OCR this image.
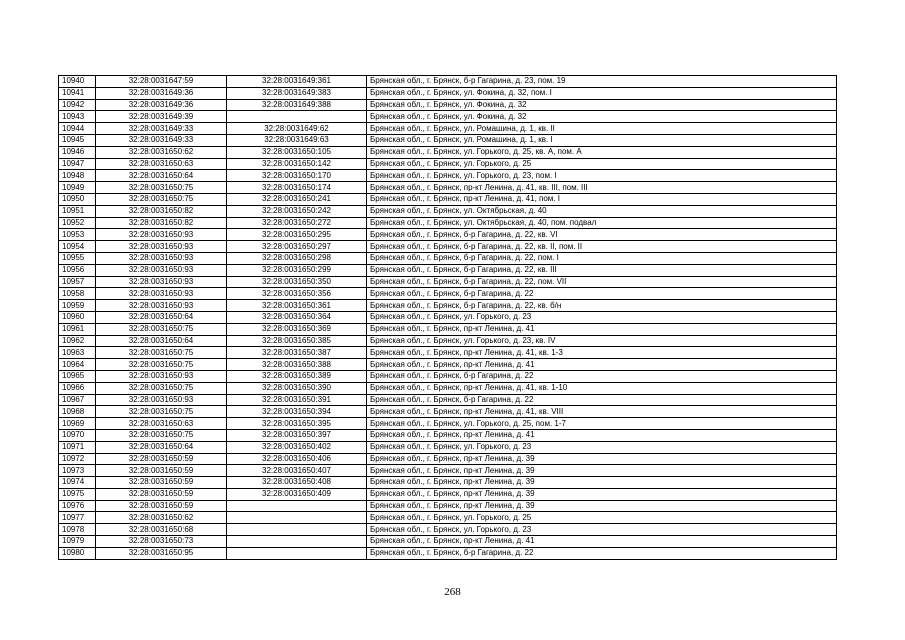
10940	32:28:0031647:59	32:28:0031649:361	Брянская обл., г. Брянск, б-р Гагарина, д. 23, пом. 19
10941	32:28:0031649:36	32:28:0031649:383	Брянская обл., г. Брянск, ул. Фокина, д. 32, пом. I
10942	32:28:0031649:36	32:28:0031649:388	Брянская обл., г. Брянск, ул. Фокина, д. 32
10943	32:28:0031649:39		Брянская обл., г. Брянск, ул. Фокина, д. 32
10944	32:28:0031649:33	32:28:0031649:62	Брянская обл., г. Брянск, ул. Ромашина, д. 1, кв. II
10945	32:28:0031649:33	32:28:0031649:63	Брянская обл., г. Брянск, ул. Ромашина, д. 1, кв. I
10946	32:28:0031650:62	32:28:0031650:105	Брянская обл., г. Брянск, ул. Горького, д. 25, кв. А, пом. А
10947	32:28:0031650:63	32:28:0031650:142	Брянская обл., г. Брянск, ул. Горького, д. 25
10948	32:28:0031650:64	32:28:0031650:170	Брянская обл., г. Брянск, ул. Горького, д. 23, пом. I
10949	32:28:0031650:75	32:28:0031650:174	Брянская обл., г. Брянск, пр-кт Ленина, д. 41, кв. III, пом. III
10950	32:28:0031650:75	32:28:0031650:241	Брянская обл., г. Брянск, пр-кт Ленина, д. 41, пом. I
10951	32:28:0031650:82	32:28:0031650:242	Брянская обл., г. Брянск, ул. Октябрьская, д. 40
10952	32:28:0031650:82	32:28:0031650:272	Брянская обл., г. Брянск, ул. Октябрьская, д. 40, пом. подвал
10953	32:28:0031650:93	32:28:0031650:295	Брянская обл., г. Брянск, б-р Гагарина, д. 22, кв. VI
10954	32:28:0031650:93	32:28:0031650:297	Брянская обл., г. Брянск, б-р Гагарина, д. 22, кв. II, пом. II
10955	32:28:0031650:93	32:28:0031650:298	Брянская обл., г. Брянск, б-р Гагарина, д. 22, пом. I
10956	32:28:0031650:93	32:28:0031650:299	Брянская обл., г. Брянск, б-р Гагарина, д. 22, кв. III
10957	32:28:0031650:93	32:28:0031650:350	Брянская обл., г. Брянск, б-р Гагарина, д. 22, пом. VII
10958	32:28:0031650:93	32:28:0031650:356	Брянская обл., г. Брянск, б-р Гагарина, д. 22
10959	32:28:0031650:93	32:28:0031650:361	Брянская обл., г. Брянск, б-р Гагарина, д. 22, кв. б/н
10960	32:28:0031650:64	32:28:0031650:364	Брянская обл., г. Брянск, ул. Горького, д. 23
10961	32:28:0031650:75	32:28:0031650:369	Брянская обл., г. Брянск, пр-кт Ленина, д. 41
10962	32:28:0031650:64	32:28:0031650:385	Брянская обл., г. Брянск, ул. Горького, д. 23, кв. IV
10963	32:28:0031650:75	32:28:0031650:387	Брянская обл., г. Брянск, пр-кт Ленина, д. 41, кв. 1-3
10964	32:28:0031650:75	32:28:0031650:388	Брянская обл., г. Брянск, пр-кт Ленина, д. 41
10965	32:28:0031650:93	32:28:0031650:389	Брянская обл., г. Брянск, б-р Гагарина, д. 22
10966	32:28:0031650:75	32:28:0031650:390	Брянская обл., г. Брянск, пр-кт Ленина, д. 41, кв. 1-10
10967	32:28:0031650:93	32:28:0031650:391	Брянская обл., г. Брянск, б-р Гагарина, д. 22
10968	32:28:0031650:75	32:28:0031650:394	Брянская обл., г. Брянск, пр-кт Ленина, д. 41, кв. VIII
10969	32:28:0031650:63	32:28:0031650:395	Брянская обл., г. Брянск, ул. Горького, д. 25, пом. 1-7
10970	32:28:0031650:75	32:28:0031650:397	Брянская обл., г. Брянск, пр-кт Ленина, д. 41
10971	32:28:0031650:64	32:28:0031650:402	Брянская обл., г. Брянск, ул. Горького, д. 23
10972	32:28:0031650:59	32:28:0031650:406	Брянская обл., г. Брянск, пр-кт Ленина, д. 39
10973	32:28:0031650:59	32:28:0031650:407	Брянская обл., г. Брянск, пр-кт Ленина, д. 39
10974	32:28:0031650:59	32:28:0031650:408	Брянская обл., г. Брянск, пр-кт Ленина, д. 39
10975	32:28:0031650:59	32:28:0031650:409	Брянская обл., г. Брянск, пр-кт Ленина, д. 39
10976	32:28:0031650:59		Брянская обл., г. Брянск, пр-кт Ленина, д. 39
10977	32:28:0031650:62		Брянская обл., г. Брянск, ул. Горького, д. 25
10978	32:28:0031650:68		Брянская обл., г. Брянск, ул. Горького, д. 23
10979	32:28:0031650:73		Брянская обл., г. Брянск, пр-кт Ленина, д. 41
10980	32:28:0031650:95		Брянская обл., г. Брянск, б-р Гагарина, д. 22
268
